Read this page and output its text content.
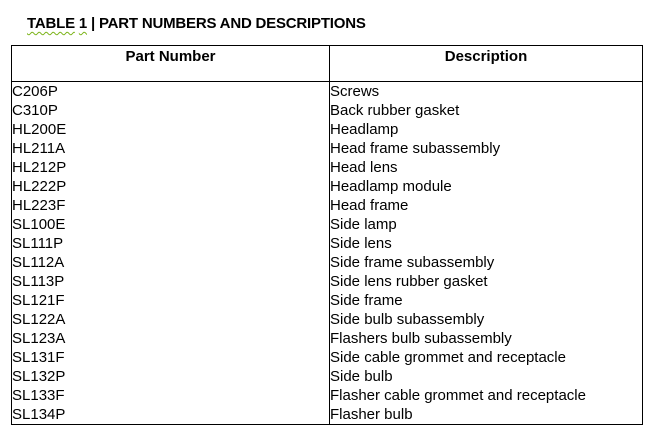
TABLE 1 | PART NUMBERS AND DESCRIPTIONS
Part Number	Description
C206P	Screws
C310P	Back rubber gasket
HL200E	Headlamp
HL211A	Head frame subassembly
HL212P	Head lens
HL222P	Headlamp module
HL223F	Head frame
SL100E	Side lamp
SL111P	Side lens
SL112A	Side frame subassembly
SL113P	Side lens rubber gasket
SL121F	Side frame
SL122A	Side bulb subassembly
SL123A	Flashers bulb subassembly
SL131F	Side cable grommet and receptacle
SL132P	Side bulb
SL133F	Flasher cable grommet and receptacle
SL134P	Flasher bulb
